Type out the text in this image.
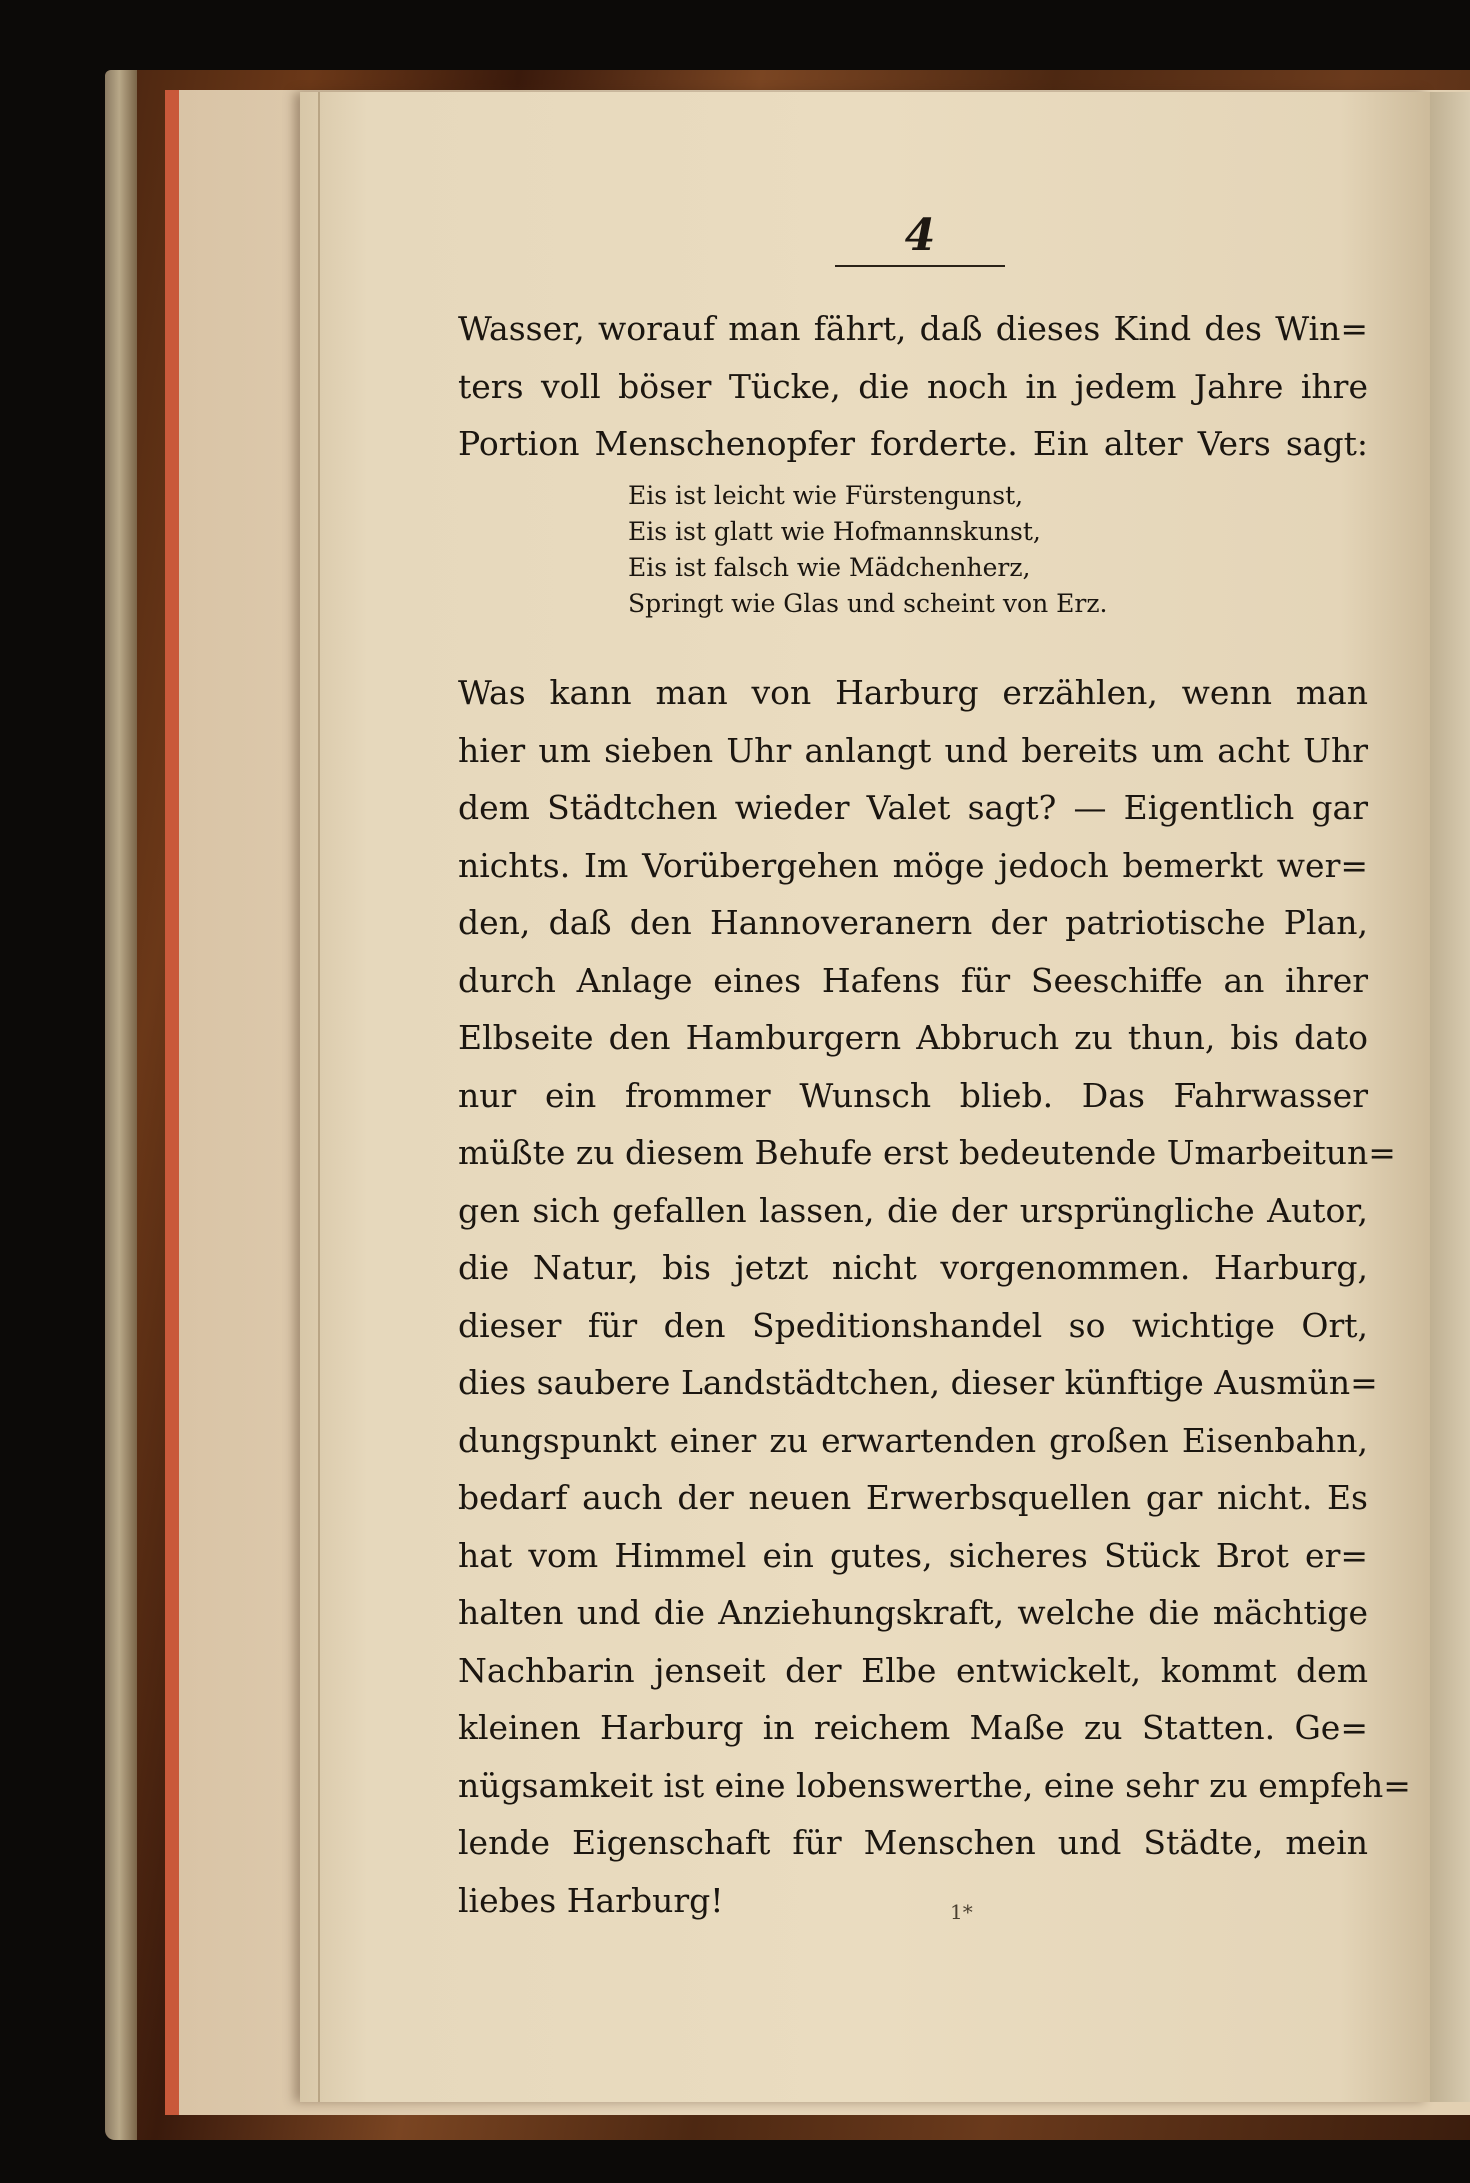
4
Wasser, worauf man fährt, daß dieses Kind des Win=
ters voll böser Tücke, die noch in jedem Jahre ihre
Portion Menschenopfer forderte. Ein alter Vers sagt:
Eis ist leicht wie Fürstengunst,
Eis ist glatt wie Hofmannskunst,
Eis ist falsch wie Mädchenherz,
Springt wie Glas und scheint von Erz.
Was kann man von Harburg erzählen, wenn man
hier um sieben Uhr anlangt und bereits um acht Uhr
dem Städtchen wieder Valet sagt? — Eigentlich gar
nichts. Im Vorübergehen möge jedoch bemerkt wer=
den, daß den Hannoveranern der patriotische Plan,
durch Anlage eines Hafens für Seeschiffe an ihrer
Elbseite den Hamburgern Abbruch zu thun, bis dato
nur ein frommer Wunsch blieb. Das Fahrwasser
müßte zu diesem Behufe erst bedeutende Umarbeitun=
gen sich gefallen lassen, die der ursprüngliche Autor,
die Natur, bis jetzt nicht vorgenommen. Harburg,
dieser für den Speditionshandel so wichtige Ort,
dies saubere Landstädtchen, dieser künftige Ausmün=
dungspunkt einer zu erwartenden großen Eisenbahn,
bedarf auch der neuen Erwerbsquellen gar nicht. Es
hat vom Himmel ein gutes, sicheres Stück Brot er=
halten und die Anziehungskraft, welche die mächtige
Nachbarin jenseit der Elbe entwickelt, kommt dem
kleinen Harburg in reichem Maße zu Statten. Ge=
nügsamkeit ist eine lobenswerthe, eine sehr zu empfeh=
lende Eigenschaft für Menschen und Städte, mein
liebes Harburg!	1*
